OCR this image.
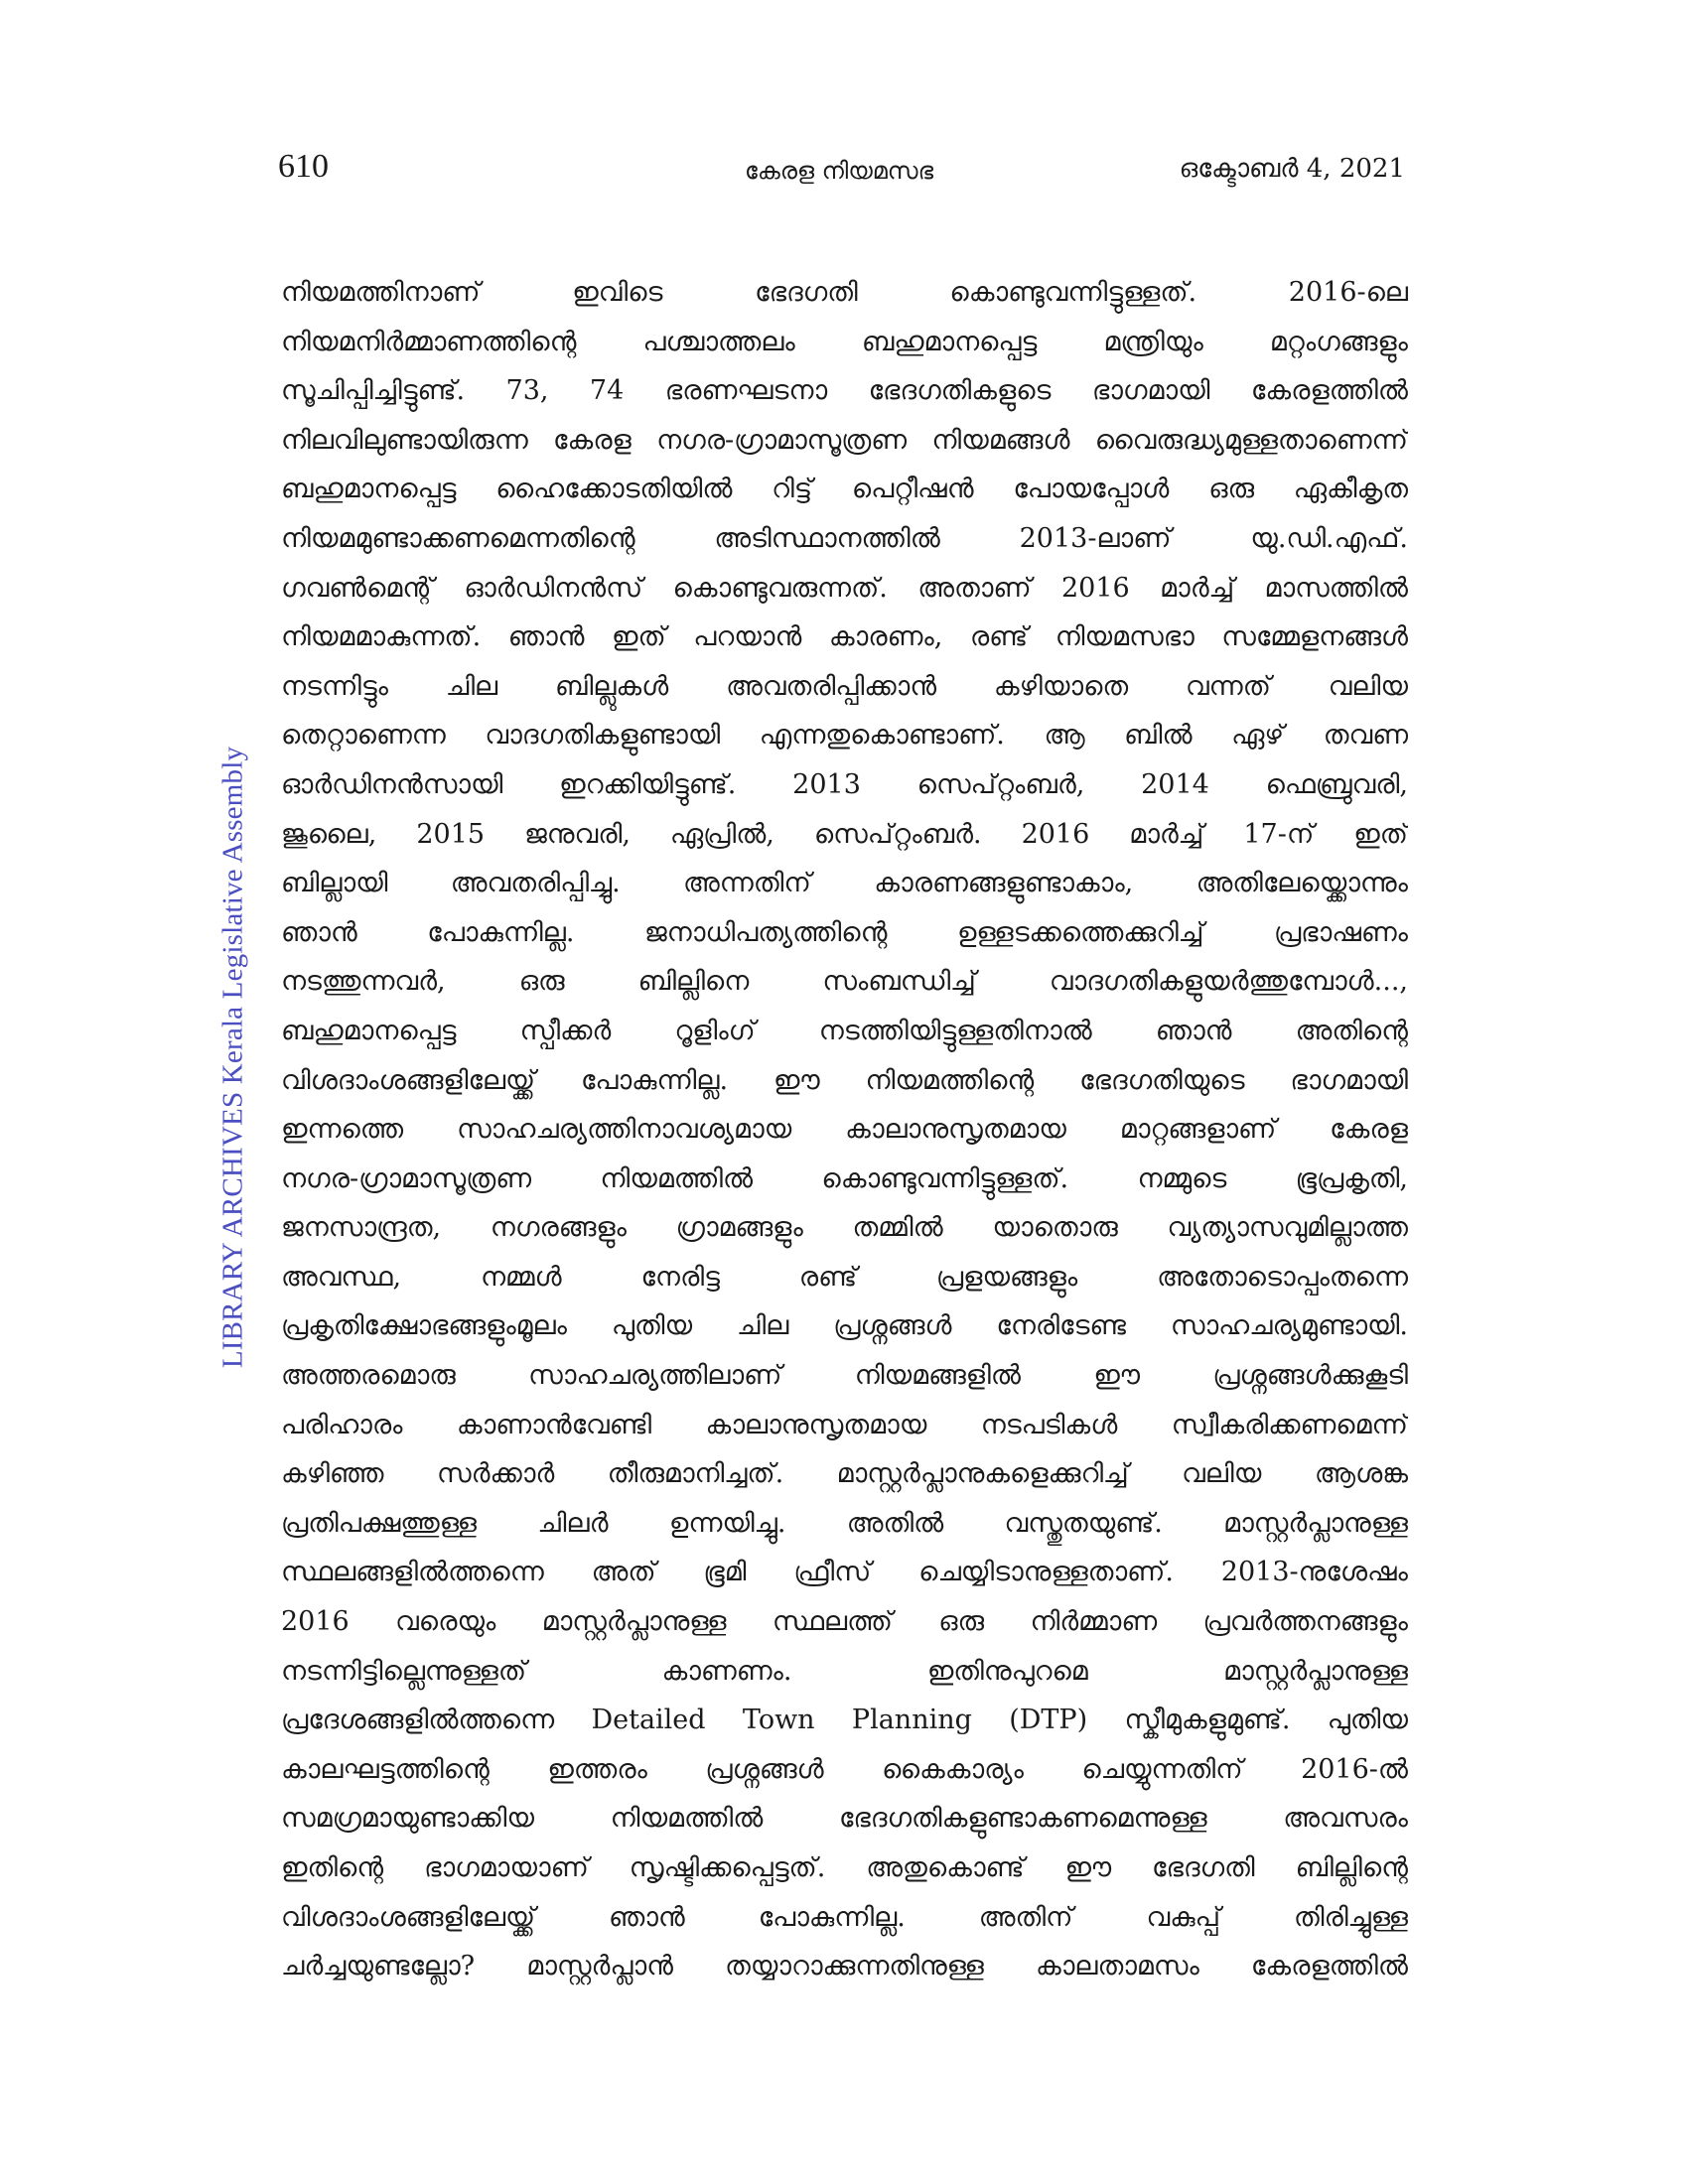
610	കേരള നിയമസഭ	ഒക്ടോബർ 4, 2021
LIBRARY ARCHIVES Kerala Legislative Assembly
നിയമത്തിനാണ് ഇവിടെ ഭേദഗതി കൊണ്ടുവന്നിട്ടുള്ളത്. 2016-ലെ
നിയമനിർമ്മാണത്തിന്റെ പശ്ചാത്തലം ബഹുമാനപ്പെട്ട മന്ത്രിയും മറ്റംഗങ്ങളും
സൂചിപ്പിച്ചിട്ടുണ്ട്. 73, 74 ഭരണഘടനാ ഭേദഗതികളുടെ ഭാഗമായി കേരളത്തിൽ
നിലവിലുണ്ടായിരുന്ന കേരള നഗര-ഗ്രാമാസൂത്രണ നിയമങ്ങൾ വൈരുദ്ധ്യമുള്ളതാണെന്ന്
ബഹുമാനപ്പെട്ട ഹൈക്കോടതിയിൽ റിട്ട് പെറ്റീഷൻ പോയപ്പോൾ ഒരു ഏകീകൃത
നിയമമുണ്ടാക്കണമെന്നതിന്റെ അടിസ്ഥാനത്തിൽ 2013-ലാണ് യു.ഡി.എഫ്.
ഗവൺമെന്റ് ഓർഡിനൻസ് കൊണ്ടുവരുന്നത്. അതാണ് 2016 മാർച്ച് മാസത്തിൽ
നിയമമാകുന്നത്. ഞാൻ ഇത് പറയാൻ കാരണം, രണ്ട് നിയമസഭാ സമ്മേളനങ്ങൾ
നടന്നിട്ടും ചില ബില്ലുകൾ അവതരിപ്പിക്കാൻ കഴിയാതെ വന്നത് വലിയ
തെറ്റാണെന്ന വാദഗതികളുണ്ടായി എന്നതുകൊണ്ടാണ്. ആ ബിൽ ഏഴ് തവണ
ഓർഡിനൻസായി ഇറക്കിയിട്ടുണ്ട്. 2013 സെപ്റ്റംബർ, 2014 ഫെബ്രുവരി,
ജൂലൈ, 2015 ജനുവരി, ഏപ്രിൽ, സെപ്റ്റംബർ. 2016 മാർച്ച് 17-ന് ഇത്
ബില്ലായി അവതരിപ്പിച്ചു. അന്നതിന് കാരണങ്ങളുണ്ടാകാം, അതിലേയ്ക്കൊന്നും
ഞാൻ പോകുന്നില്ല. ജനാധിപത്യത്തിന്റെ ഉള്ളടക്കത്തെക്കുറിച്ച് പ്രഭാഷണം
നടത്തുന്നവർ, ഒരു ബില്ലിനെ സംബന്ധിച്ച് വാദഗതികളുയർത്തുമ്പോൾ...,
ബഹുമാനപ്പെട്ട സ്പീക്കർ റൂളിംഗ് നടത്തിയിട്ടുള്ളതിനാൽ ഞാൻ അതിന്റെ
വിശദാംശങ്ങളിലേയ്ക്ക് പോകുന്നില്ല. ഈ നിയമത്തിന്റെ ഭേദഗതിയുടെ ഭാഗമായി
ഇന്നത്തെ സാഹചര്യത്തിനാവശ്യമായ കാലാനുസൃതമായ മാറ്റങ്ങളാണ് കേരള
നഗര-ഗ്രാമാസൂത്രണ നിയമത്തിൽ കൊണ്ടുവന്നിട്ടുള്ളത്. നമ്മുടെ ഭൂപ്രകൃതി,
ജനസാന്ദ്രത, നഗരങ്ങളും ഗ്രാമങ്ങളും തമ്മിൽ യാതൊരു വ്യത്യാസവുമില്ലാത്ത
അവസ്ഥ, നമ്മൾ നേരിട്ട രണ്ട് പ്രളയങ്ങളും അതോടൊപ്പംതന്നെ
പ്രകൃതിക്ഷോഭങ്ങളുംമൂലം പുതിയ ചില പ്രശ്നങ്ങൾ നേരിടേണ്ട സാഹചര്യമുണ്ടായി.
അത്തരമൊരു സാഹചര്യത്തിലാണ് നിയമങ്ങളിൽ ഈ പ്രശ്നങ്ങൾക്കുകൂടി
പരിഹാരം കാണാൻവേണ്ടി കാലാനുസൃതമായ നടപടികൾ സ്വീകരിക്കണമെന്ന്
കഴിഞ്ഞ സർക്കാർ തീരുമാനിച്ചത്. മാസ്റ്റർപ്ലാനുകളെക്കുറിച്ച് വലിയ ആശങ്ക
പ്രതിപക്ഷത്തുള്ള ചിലർ ഉന്നയിച്ചു. അതിൽ വസ്തുതയുണ്ട്. മാസ്റ്റർപ്ലാനുള്ള
സ്ഥലങ്ങളിൽത്തന്നെ അത് ഭൂമി ഫ്രീസ് ചെയ്യിടാനുള്ളതാണ്. 2013-നുശേഷം
2016 വരെയും മാസ്റ്റർപ്ലാനുള്ള സ്ഥലത്ത് ഒരു നിർമ്മാണ പ്രവർത്തനങ്ങളും
നടന്നിട്ടില്ലെന്നുള്ളത് കാണണം. ഇതിനുപുറമെ മാസ്റ്റർപ്ലാനുള്ള
പ്രദേശങ്ങളിൽത്തന്നെ Detailed Town Planning (DTP) സ്കീമുകളുമുണ്ട്. പുതിയ
കാലഘട്ടത്തിന്റെ ഇത്തരം പ്രശ്നങ്ങൾ കൈകാര്യം ചെയ്യുന്നതിന് 2016-ൽ
സമഗ്രമായുണ്ടാക്കിയ നിയമത്തിൽ ഭേദഗതികളുണ്ടാകണമെന്നുള്ള അവസരം
ഇതിന്റെ ഭാഗമായാണ് സൃഷ്ടിക്കപ്പെട്ടത്. അതുകൊണ്ട് ഈ ഭേദഗതി ബില്ലിന്റെ
വിശദാംശങ്ങളിലേയ്ക്ക് ഞാൻ പോകുന്നില്ല. അതിന് വകുപ്പ് തിരിച്ചുള്ള
ചർച്ചയുണ്ടല്ലോ? മാസ്റ്റർപ്ലാൻ തയ്യാറാക്കുന്നതിനുള്ള കാലതാമസം കേരളത്തിൽ
